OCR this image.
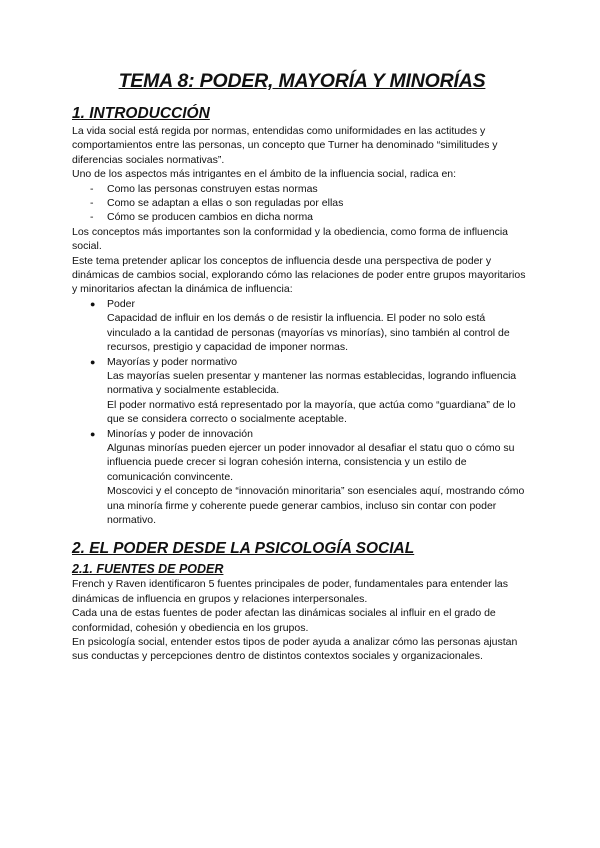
TEMA 8: PODER, MAYORÍA Y MINORÍAS
1. INTRODUCCIÓN

La vida social está regida por normas, entendidas como uniformidades en las actitudes y comportamientos entre las personas, un concepto que Turner ha denominado “similitudes y diferencias sociales normativas”.

Uno de los aspectos más intrigantes en el ámbito de la influencia social, radica en:

- Como las personas construyen estas normas
- Como se adaptan a ellas o son reguladas por ellas
- Cómo se producen cambios en dicha norma

Los conceptos más importantes son la conformidad y la obediencia, como forma de influencia social.

Este tema pretender aplicar los conceptos de influencia desde una perspectiva de poder y dinámicas de cambios social, explorando cómo las relaciones de poder entre grupos mayoritarios y minoritarios afectan la dinámica de influencia:

● Poder

Capacidad de influir en los demás o de resistir la influencia. El poder no solo está vinculado a la cantidad de personas (mayorías vs minorías), sino también al control de recursos, prestigio y capacidad de imponer normas.

● Mayorías y poder normativo

Las mayorías suelen presentar y mantener las normas establecidas, logrando influencia normativa y socialmente establecida.

El poder normativo está representado por la mayoría, que actúa como “guardiana” de lo que se considera correcto o socialmente aceptable.

● Minorías y poder de innovación

Algunas minorías pueden ejercer un poder innovador al desafiar el statu quo o cómo su influencia puede crecer si logran cohesión interna, consistencia y un estilo de comunicación convincente.

Moscovici y el concepto de “innovación minoritaria” son esenciales aquí, mostrando cómo una minoría firme y coherente puede generar cambios, incluso sin contar con poder normativo.

2. EL PODER DESDE LA PSICOLOGÍA SOCIAL
2.1. FUENTES DE PODER

French y Raven identificaron 5 fuentes principales de poder, fundamentales para entender las dinámicas de influencia en grupos y relaciones interpersonales.

Cada una de estas fuentes de poder afectan las dinámicas sociales al influir en el grado de conformidad, cohesión y obediencia en los grupos.

En psicología social, entender estos tipos de poder ayuda a analizar cómo las personas ajustan sus conductas y percepciones dentro de distintos contextos sociales y organizacionales.
